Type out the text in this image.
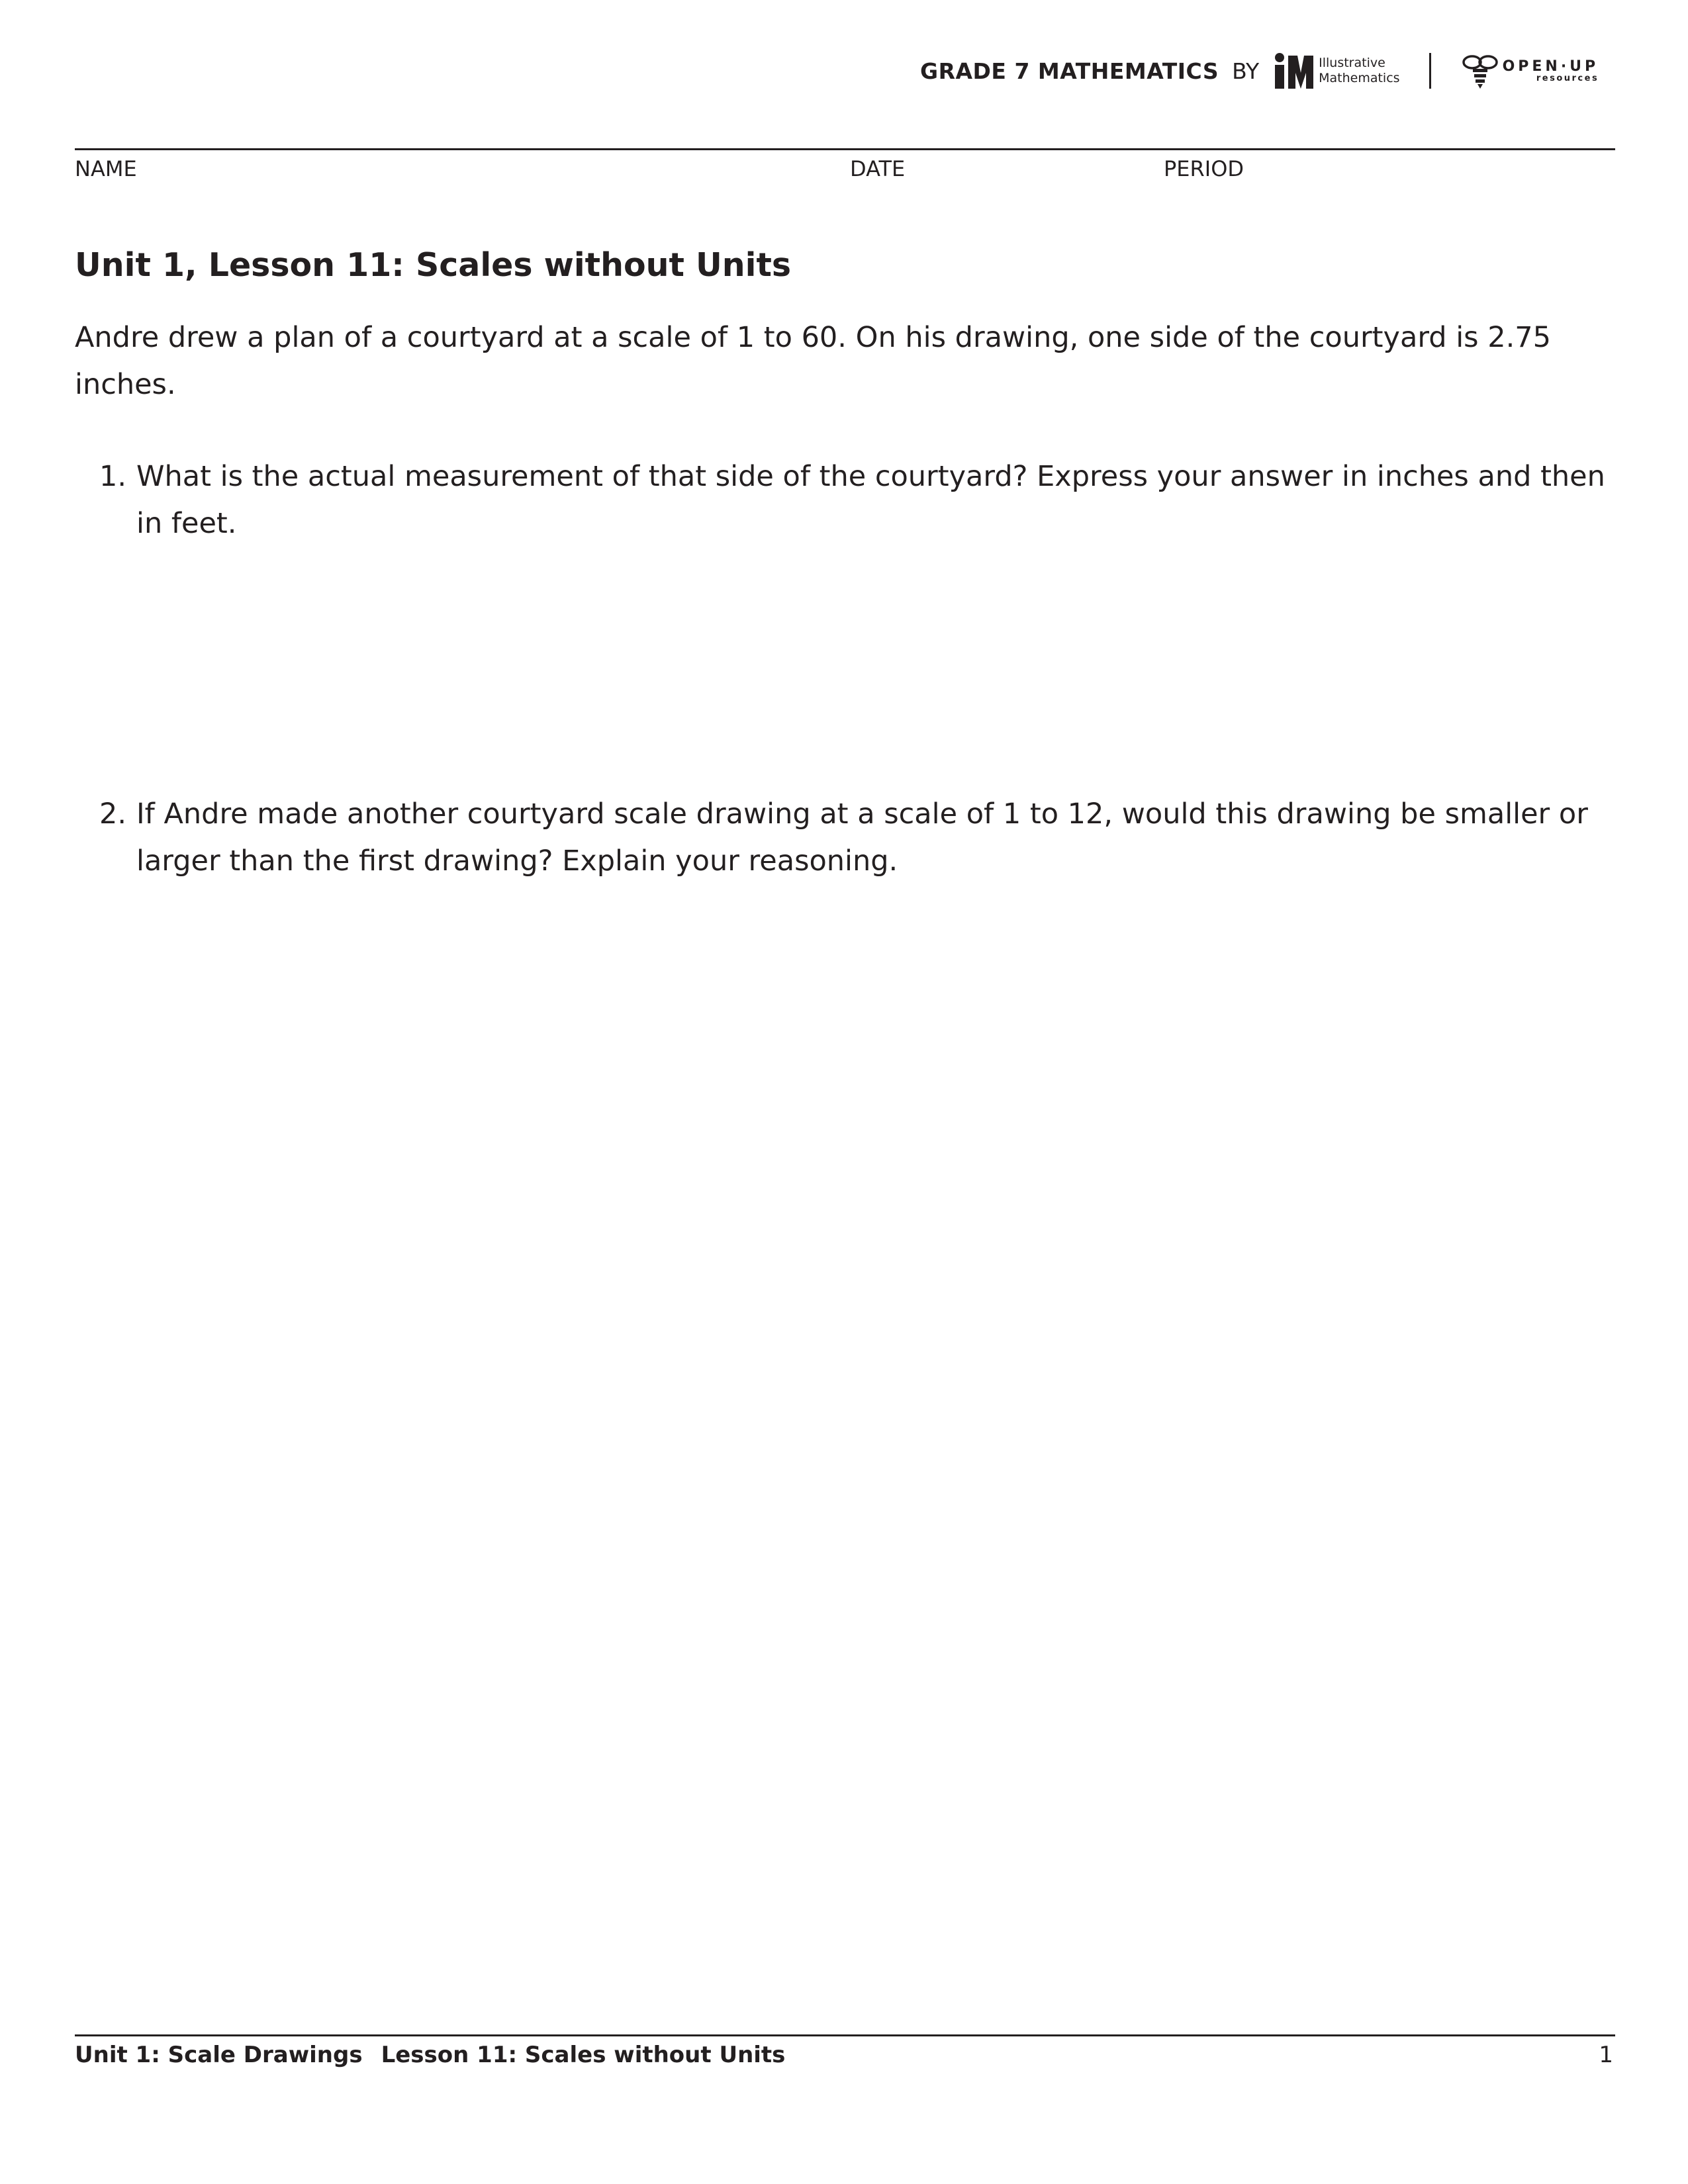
GRADE 7 MATHEMATICS BY	Illustrative
Mathematics
OPEN·UP
resources
NAME	DATE	PERIOD
Unit 1, Lesson 11: Scales without Units

Andre drew a plan of a courtyard at a scale of 1 to 60. On his drawing, one side of the courtyard is 2.75 inches.

1. What is the actual measurement of that side of the courtyard? Express your answer in inches and then in feet.
2. If Andre made another courtyard scale drawing at a scale of 1 to 12, would this drawing be smaller or larger than the first drawing? Explain your reasoning.
Unit 1: Scale Drawings Lesson 11: Scales without Units	1
